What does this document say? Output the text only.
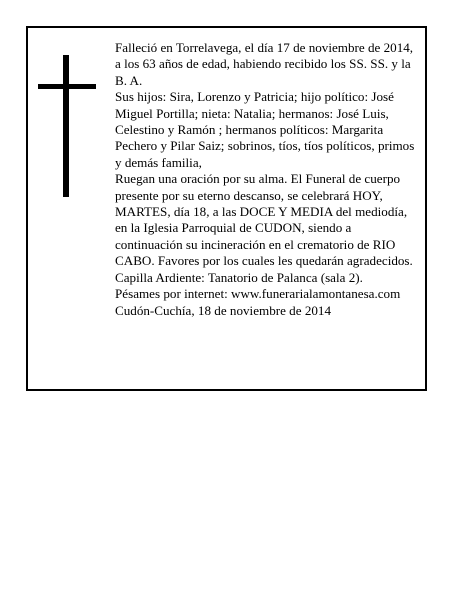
Falleció en Torrelavega, el día 17 de noviembre de 2014, a los 63 años de edad, habiendo recibido los SS. SS. y la B. A.

Sus hijos: Sira, Lorenzo y Patricia; hijo político: José Miguel Portilla; nieta: Natalia; hermanos: José Luis, Celestino y Ramón ; hermanos políticos: Margarita Pechero y Pilar Saiz; sobrinos, tíos, tíos políticos, primos y demás familia,

Ruegan una oración por su alma. El Funeral de cuerpo presente por su eterno descanso, se celebrará HOY, MARTES, día 18, a las DOCE Y MEDIA del mediodía, en la Iglesia Parroquial de CUDON, siendo a continuación su incineración en el crematorio de RIO CABO. Favores por los cuales les quedarán agradecidos. Capilla Ardiente: Tanatorio de Palanca (sala 2).

Pésames por internet: www.funerarialamontanesa.com

Cudón-Cuchía, 18 de noviembre de 2014
